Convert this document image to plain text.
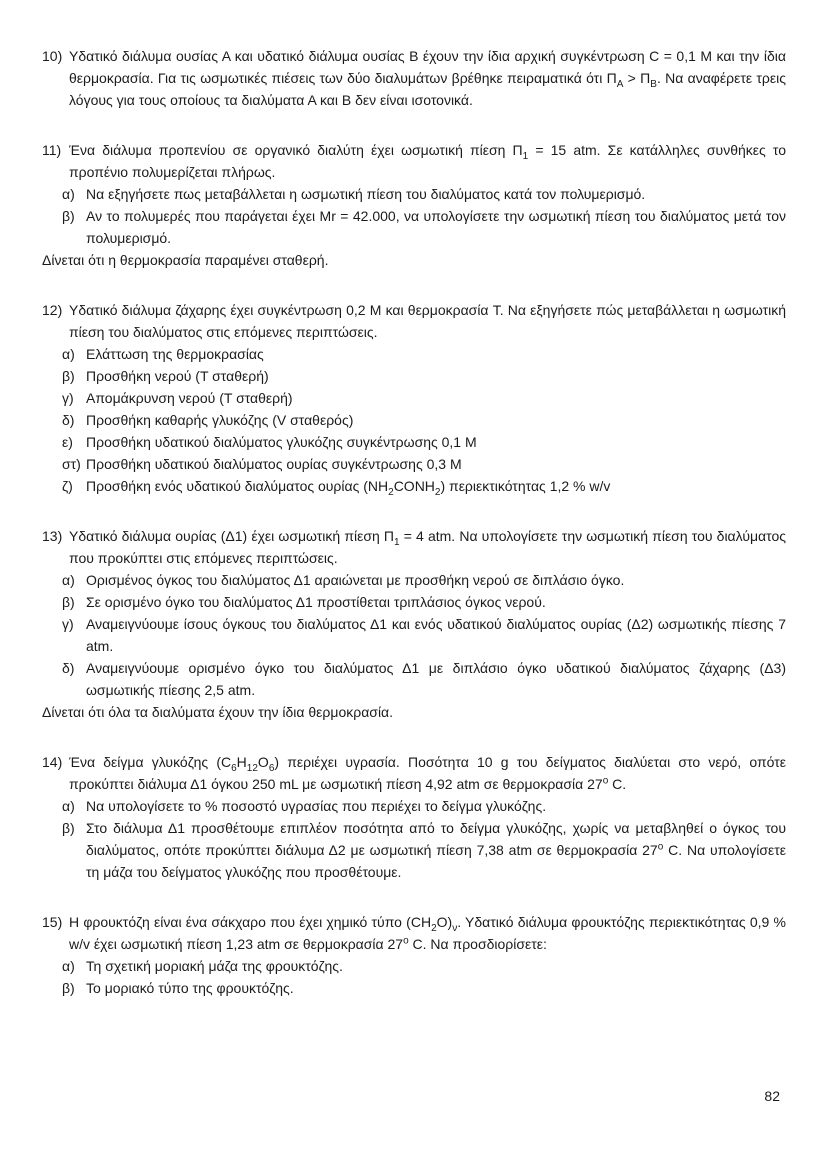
10) Υδατικό διάλυμα ουσίας Α και υδατικό διάλυμα ουσίας Β έχουν την ίδια αρχική συγκέντρωση C = 0,1 M και την ίδια θερμοκρασία. Για τις ωσμωτικές πιέσεις των δύο διαλυμάτων βρέθηκε πειραματικά ότι $\Pi_A > \Pi_B$. Να αναφέρετε τρεις λόγους για τους οποίους τα διαλύματα Α και Β δεν είναι ισοτονικά.
11) Ένα διάλυμα προπενίου σε οργανικό διαλύτη έχει ωσμωτική πίεση $\Pi_1 = 15$ atm. Σε κατάλληλες συνθήκες το προπένιο πολυμερίζεται πλήρως.
α) Να εξηγήσετε πως μεταβάλλεται η ωσμωτική πίεση του διαλύματος κατά τον πολυμερισμό.
β) Αν το πολυμερές που παράγεται έχει Mr = 42.000, να υπολογίσετε την ωσμωτική πίεση του διαλύματος μετά τον πολυμερισμό.
Δίνεται ότι η θερμοκρασία παραμένει σταθερή.
12) Υδατικό διάλυμα ζάχαρης έχει συγκέντρωση 0,2 M και θερμοκρασία T. Να εξηγήσετε πώς μεταβάλλεται η ωσμωτική πίεση του διαλύματος στις επόμενες περιπτώσεις.
α) Ελάττωση της θερμοκρασίας
β) Προσθήκη νερού (T σταθερή)
γ) Απομάκρυνση νερού (T σταθερή)
δ) Προσθήκη καθαρής γλυκόζης (V σταθερός)
ε) Προσθήκη υδατικού διαλύματος γλυκόζης συγκέντρωσης 0,1 M
στ) Προσθήκη υδατικού διαλύματος ουρίας συγκέντρωσης 0,3 M
ζ) Προσθήκη ενός υδατικού διαλύματος ουρίας $(NH_2CONH_2)$ περιεκτικότητας 1,2 % w/v
13) Υδατικό διάλυμα ουρίας (Δ1) έχει ωσμωτική πίεση $\Pi_1 = 4$ atm. Να υπολογίσετε την ωσμωτική πίεση του διαλύματος που προκύπτει στις επόμενες περιπτώσεις.
α) Ορισμένος όγκος του διαλύματος Δ1 αραιώνεται με προσθήκη νερού σε διπλάσιο όγκο.
β) Σε ορισμένο όγκο του διαλύματος Δ1 προστίθεται τριπλάσιος όγκος νερού.
γ) Αναμειγνύουμε ίσους όγκους του διαλύματος Δ1 και ενός υδατικού διαλύματος ουρίας (Δ2) ωσμωτικής πίεσης 7 atm.
δ) Αναμειγνύουμε ορισμένο όγκο του διαλύματος Δ1 με διπλάσιο όγκο υδατικού διαλύματος ζάχαρης (Δ3) ωσμωτικής πίεσης 2,5 atm.
Δίνεται ότι όλα τα διαλύματα έχουν την ίδια θερμοκρασία.
14) Ένα δείγμα γλυκόζης $(C_6H_{12}O_6)$ περιέχει υγρασία. Ποσότητα 10 g του δείγματος διαλύεται στο νερό, οπότε προκύπτει διάλυμα Δ1 όγκου 250 mL με ωσμωτική πίεση 4,92 atm σε θερμοκρασία $27^o$ C.
α) Να υπολογίσετε το % ποσοστό υγρασίας που περιέχει το δείγμα γλυκόζης.
β) Στο διάλυμα Δ1 προσθέτουμε επιπλέον ποσότητα από το δείγμα γλυκόζης, χωρίς να μεταβληθεί ο όγκος του διαλύματος, οπότε προκύπτει διάλυμα Δ2 με ωσμωτική πίεση 7,38 atm σε θερμοκρασία $27^o$ C. Να υπολογίσετε τη μάζα του δείγματος γλυκόζης που προσθέτουμε.
15) Η φρουκτόζη είναι ένα σάκχαρο που έχει χημικό τύπο $(CH_2O)_\nu$. Υδατικό διάλυμα φρουκτόζης περιεκτικότητας 0,9 % w/v έχει ωσμωτική πίεση 1,23 atm σε θερμοκρασία $27^o$ C. Να προσδιορίσετε:
α) Τη σχετική μοριακή μάζα της φρουκτόζης.
β) Το μοριακό τύπο της φρουκτόζης.
82
